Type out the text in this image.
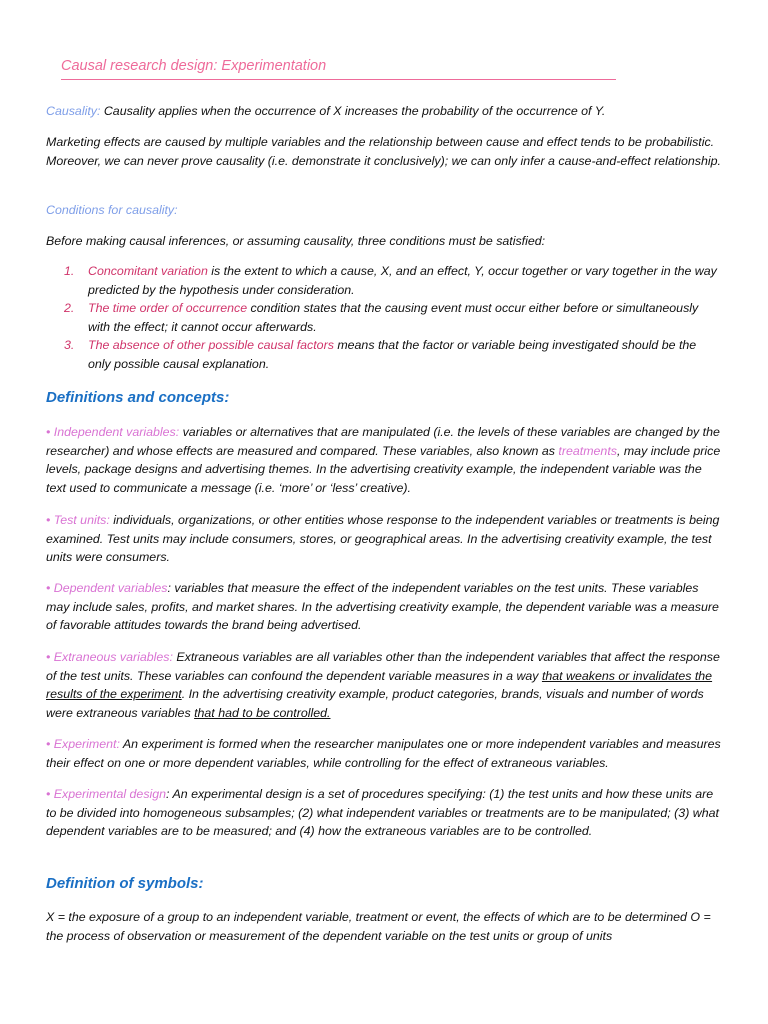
Causal research design: Experimentation

Causality: Causality applies when the occurrence of X increases the probability of the occurrence of Y.

Marketing effects are caused by multiple variables and the relationship between cause and effect tends to be probabilistic. Moreover, we can never prove causality (i.e. demonstrate it conclusively); we can only infer a cause-and-effect relationship.

Conditions for causality:

Before making causal inferences, or assuming causality, three conditions must be satisfied:

1. Concomitant variation is the extent to which a cause, X, and an effect, Y, occur together or vary together in the way predicted by the hypothesis under consideration.
2. The time order of occurrence condition states that the causing event must occur either before or simultaneously with the effect; it cannot occur afterwards.
3. The absence of other possible causal factors means that the factor or variable being investigated should be the only possible causal explanation.

Definitions and concepts:

• Independent variables: variables or alternatives that are manipulated (i.e. the levels of these variables are changed by the researcher) and whose effects are measured and compared. These variables, also known as treatments, may include price levels, package designs and advertising themes. In the advertising creativity example, the independent variable was the text used to communicate a message (i.e. ‘more’ or ‘less’ creative).

• Test units: individuals, organizations, or other entities whose response to the independent variables or treatments is being examined. Test units may include consumers, stores, or geographical areas. In the advertising creativity example, the test units were consumers.

• Dependent variables: variables that measure the effect of the independent variables on the test units. These variables may include sales, profits, and market shares. In the advertising creativity example, the dependent variable was a measure of favorable attitudes towards the brand being advertised.

• Extraneous variables: Extraneous variables are all variables other than the independent variables that affect the response of the test units. These variables can confound the dependent variable measures in a way that weakens or invalidates the results of the experiment. In the advertising creativity example, product categories, brands, visuals and number of words were extraneous variables that had to be controlled.

• Experiment: An experiment is formed when the researcher manipulates one or more independent variables and measures their effect on one or more dependent variables, while controlling for the effect of extraneous variables.

• Experimental design: An experimental design is a set of procedures specifying: (1) the test units and how these units are to be divided into homogeneous subsamples; (2) what independent variables or treatments are to be manipulated; (3) what dependent variables are to be measured; and (4) how the extraneous variables are to be controlled.

Definition of symbols:

X = the exposure of a group to an independent variable, treatment or event, the effects of which are to be determined O = the process of observation or measurement of the dependent variable on the test units or group of units
